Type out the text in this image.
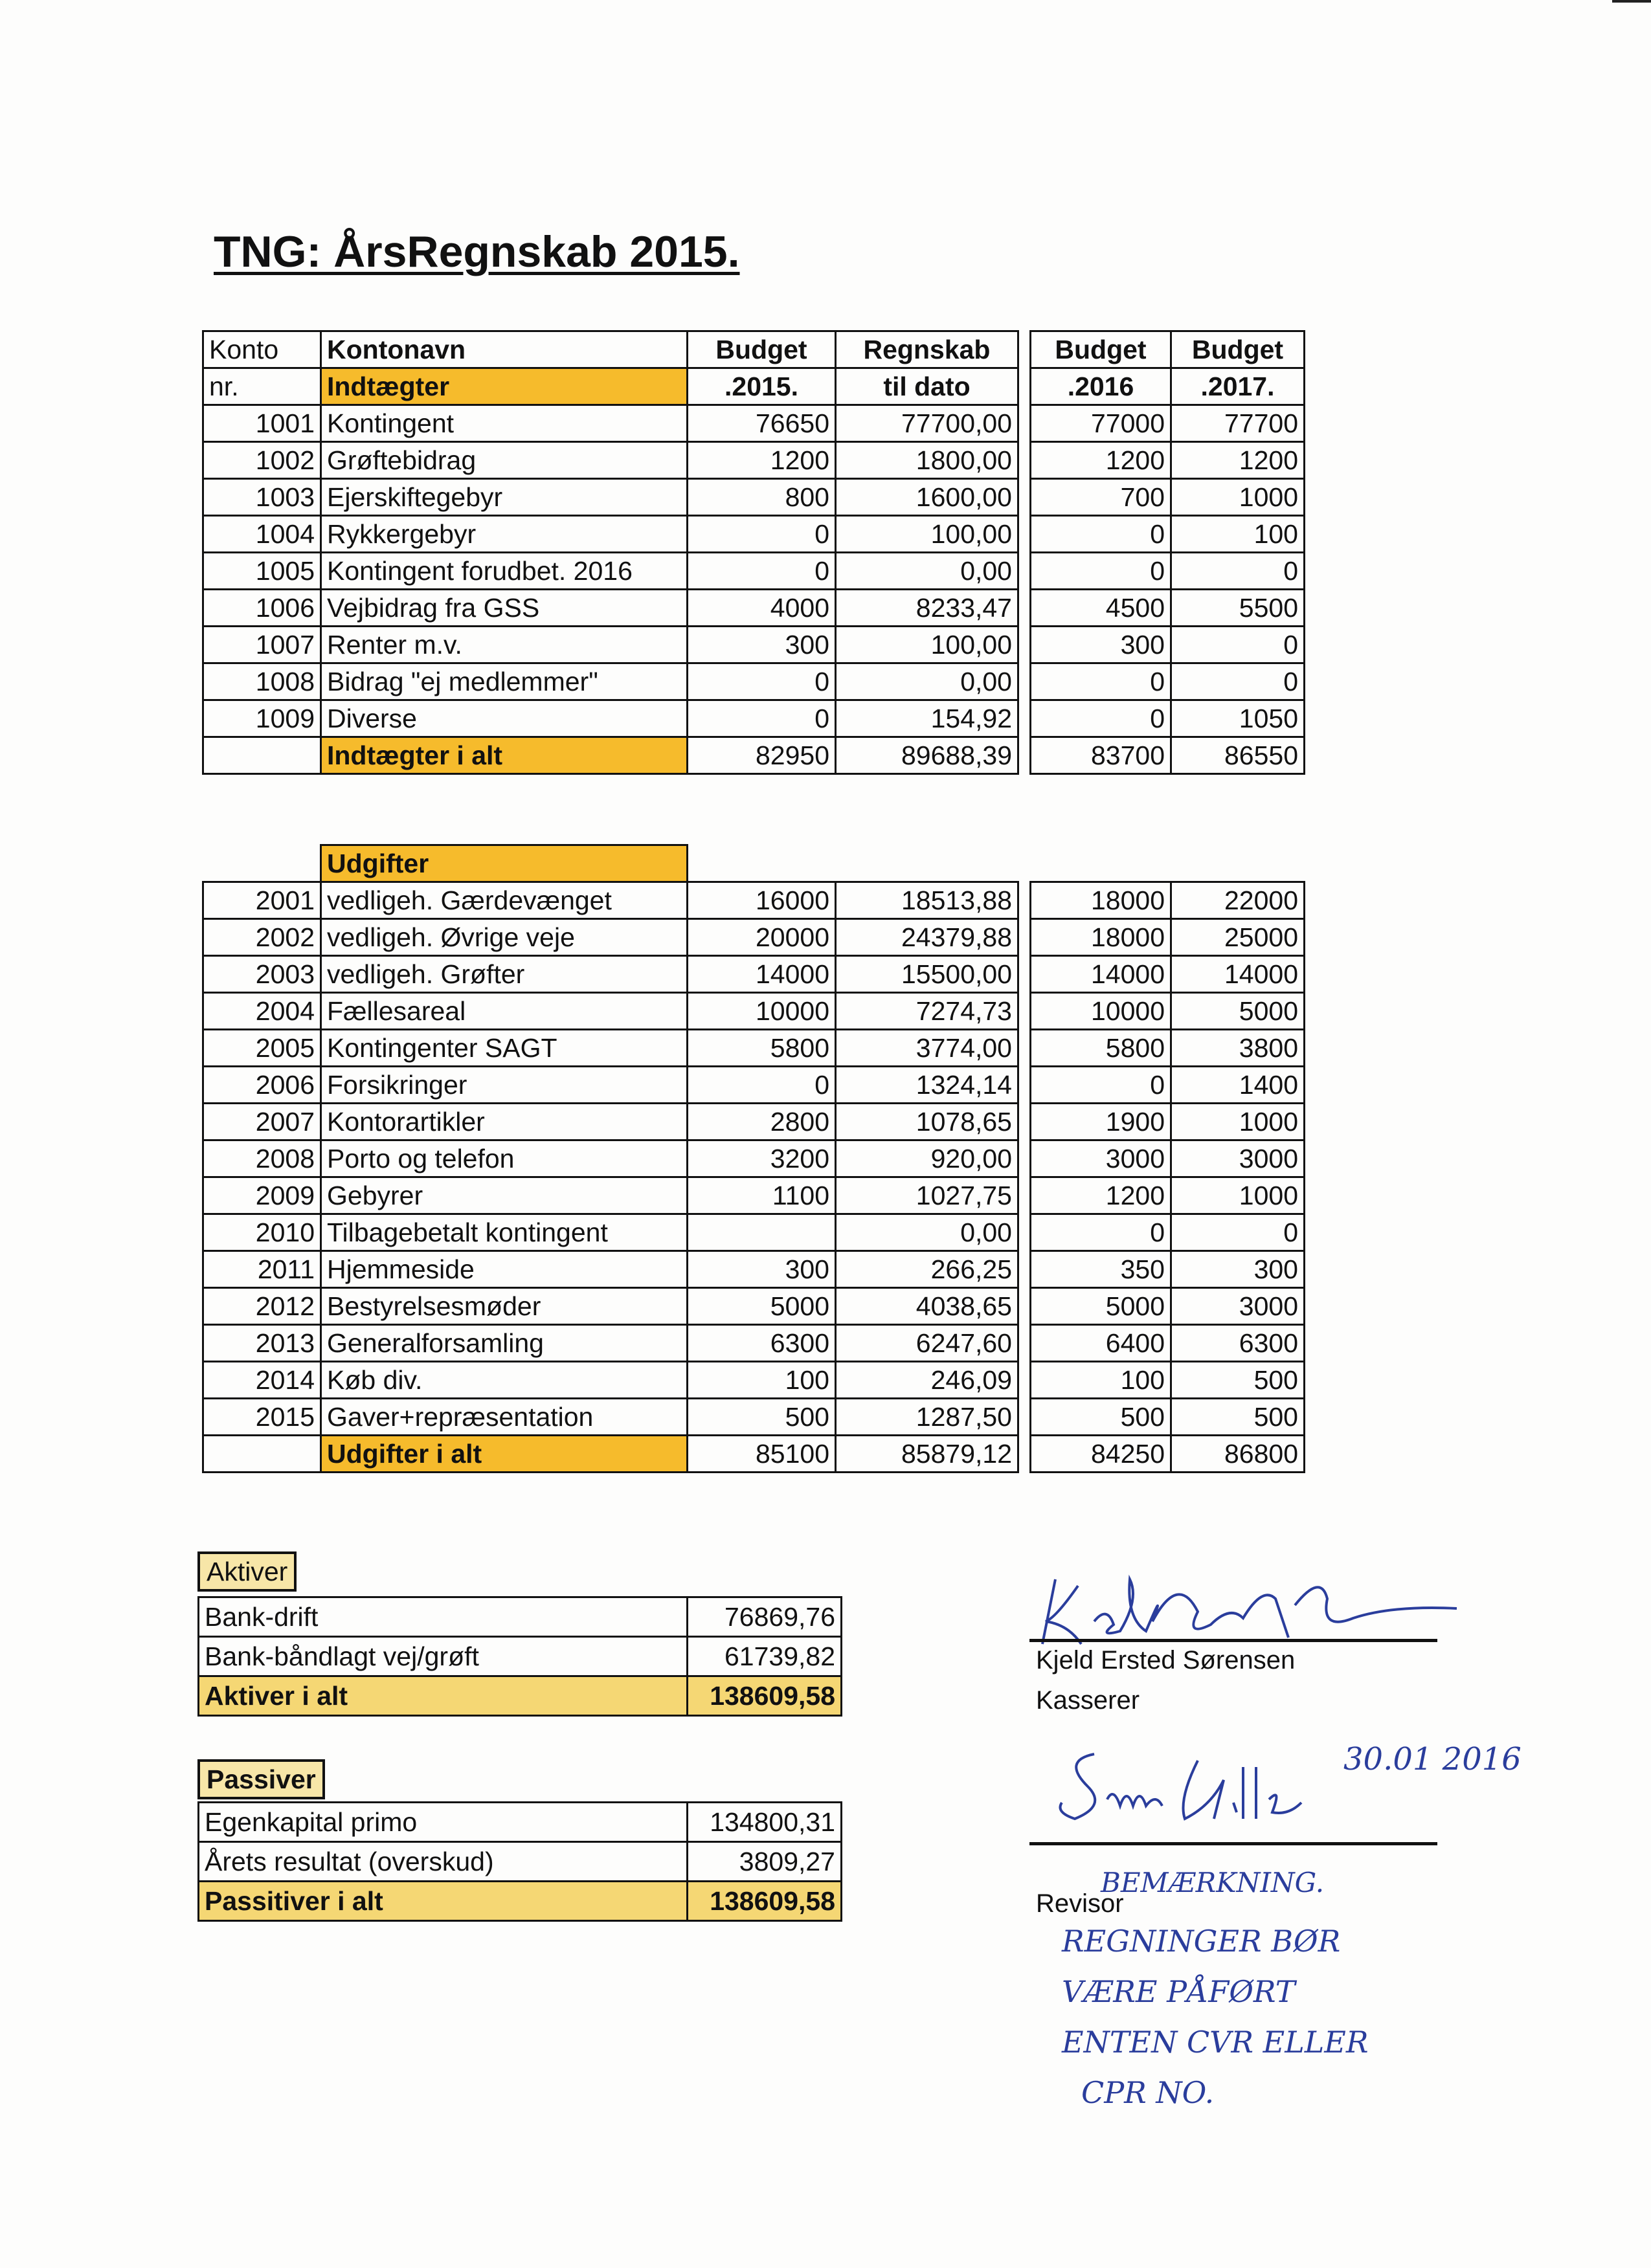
TNG: ÅrsRegnskab 2015.
Konto	Kontonavn	Budget	Regnskab		Budget	Budget
nr.	Indtægter	.2015.	til dato		.2016	.2017.
1001	Kontingent	76650	77700,00		77000	77700
1002	Grøftebidrag	1200	1800,00		1200	1200
1003	Ejerskiftegebyr	800	1600,00		700	1000
1004	Rykkergebyr	0	100,00		0	100
1005	Kontingent forudbet. 2016	0	0,00		0	0
1006	Vejbidrag fra GSS	4000	8233,47		4500	5500
1007	Renter m.v.	300	100,00		300	0
1008	Bidrag "ej medlemmer"	0	0,00		0	0
1009	Diverse	0	154,92		0	1050
	Indtægter i alt	82950	89688,39		83700	86550
	Udgifter					
2001	vedligeh. Gærdevænget	16000	18513,88		18000	22000
2002	vedligeh. Øvrige veje	20000	24379,88		18000	25000
2003	vedligeh. Grøfter	14000	15500,00		14000	14000
2004	Fællesareal	10000	7274,73		10000	5000
2005	Kontingenter SAGT	5800	3774,00		5800	3800
2006	Forsikringer	0	1324,14		0	1400
2007	Kontorartikler	2800	1078,65		1900	1000
2008	Porto og telefon	3200	920,00		3000	3000
2009	Gebyrer	1100	1027,75		1200	1000
2010	Tilbagebetalt kontingent		0,00		0	0
2011	Hjemmeside	300	266,25		350	300
2012	Bestyrelsesmøder	5000	4038,65		5000	3000
2013	Generalforsamling	6300	6247,60		6400	6300
2014	Køb div.	100	246,09		100	500
2015	Gaver+repræsentation	500	1287,50		500	500
	Udgifter i alt	85100	85879,12		84250	86800
Aktiver
Bank-drift	76869,76
Bank-båndlagt vej/grøft	61739,82
Aktiver i alt	138609,58
Passiver
Egenkapital primo	134800,31
Årets resultat (overskud)	3809,27
Passitiver i alt	138609,58
Kjeld Ersted Sørensen
Kasserer
30.01 2016
Revisor
BEMÆRKNING.
REGNINGER BØR
VÆRE PÅFØRT
ENTEN CVR ELLER
CPR NO.
